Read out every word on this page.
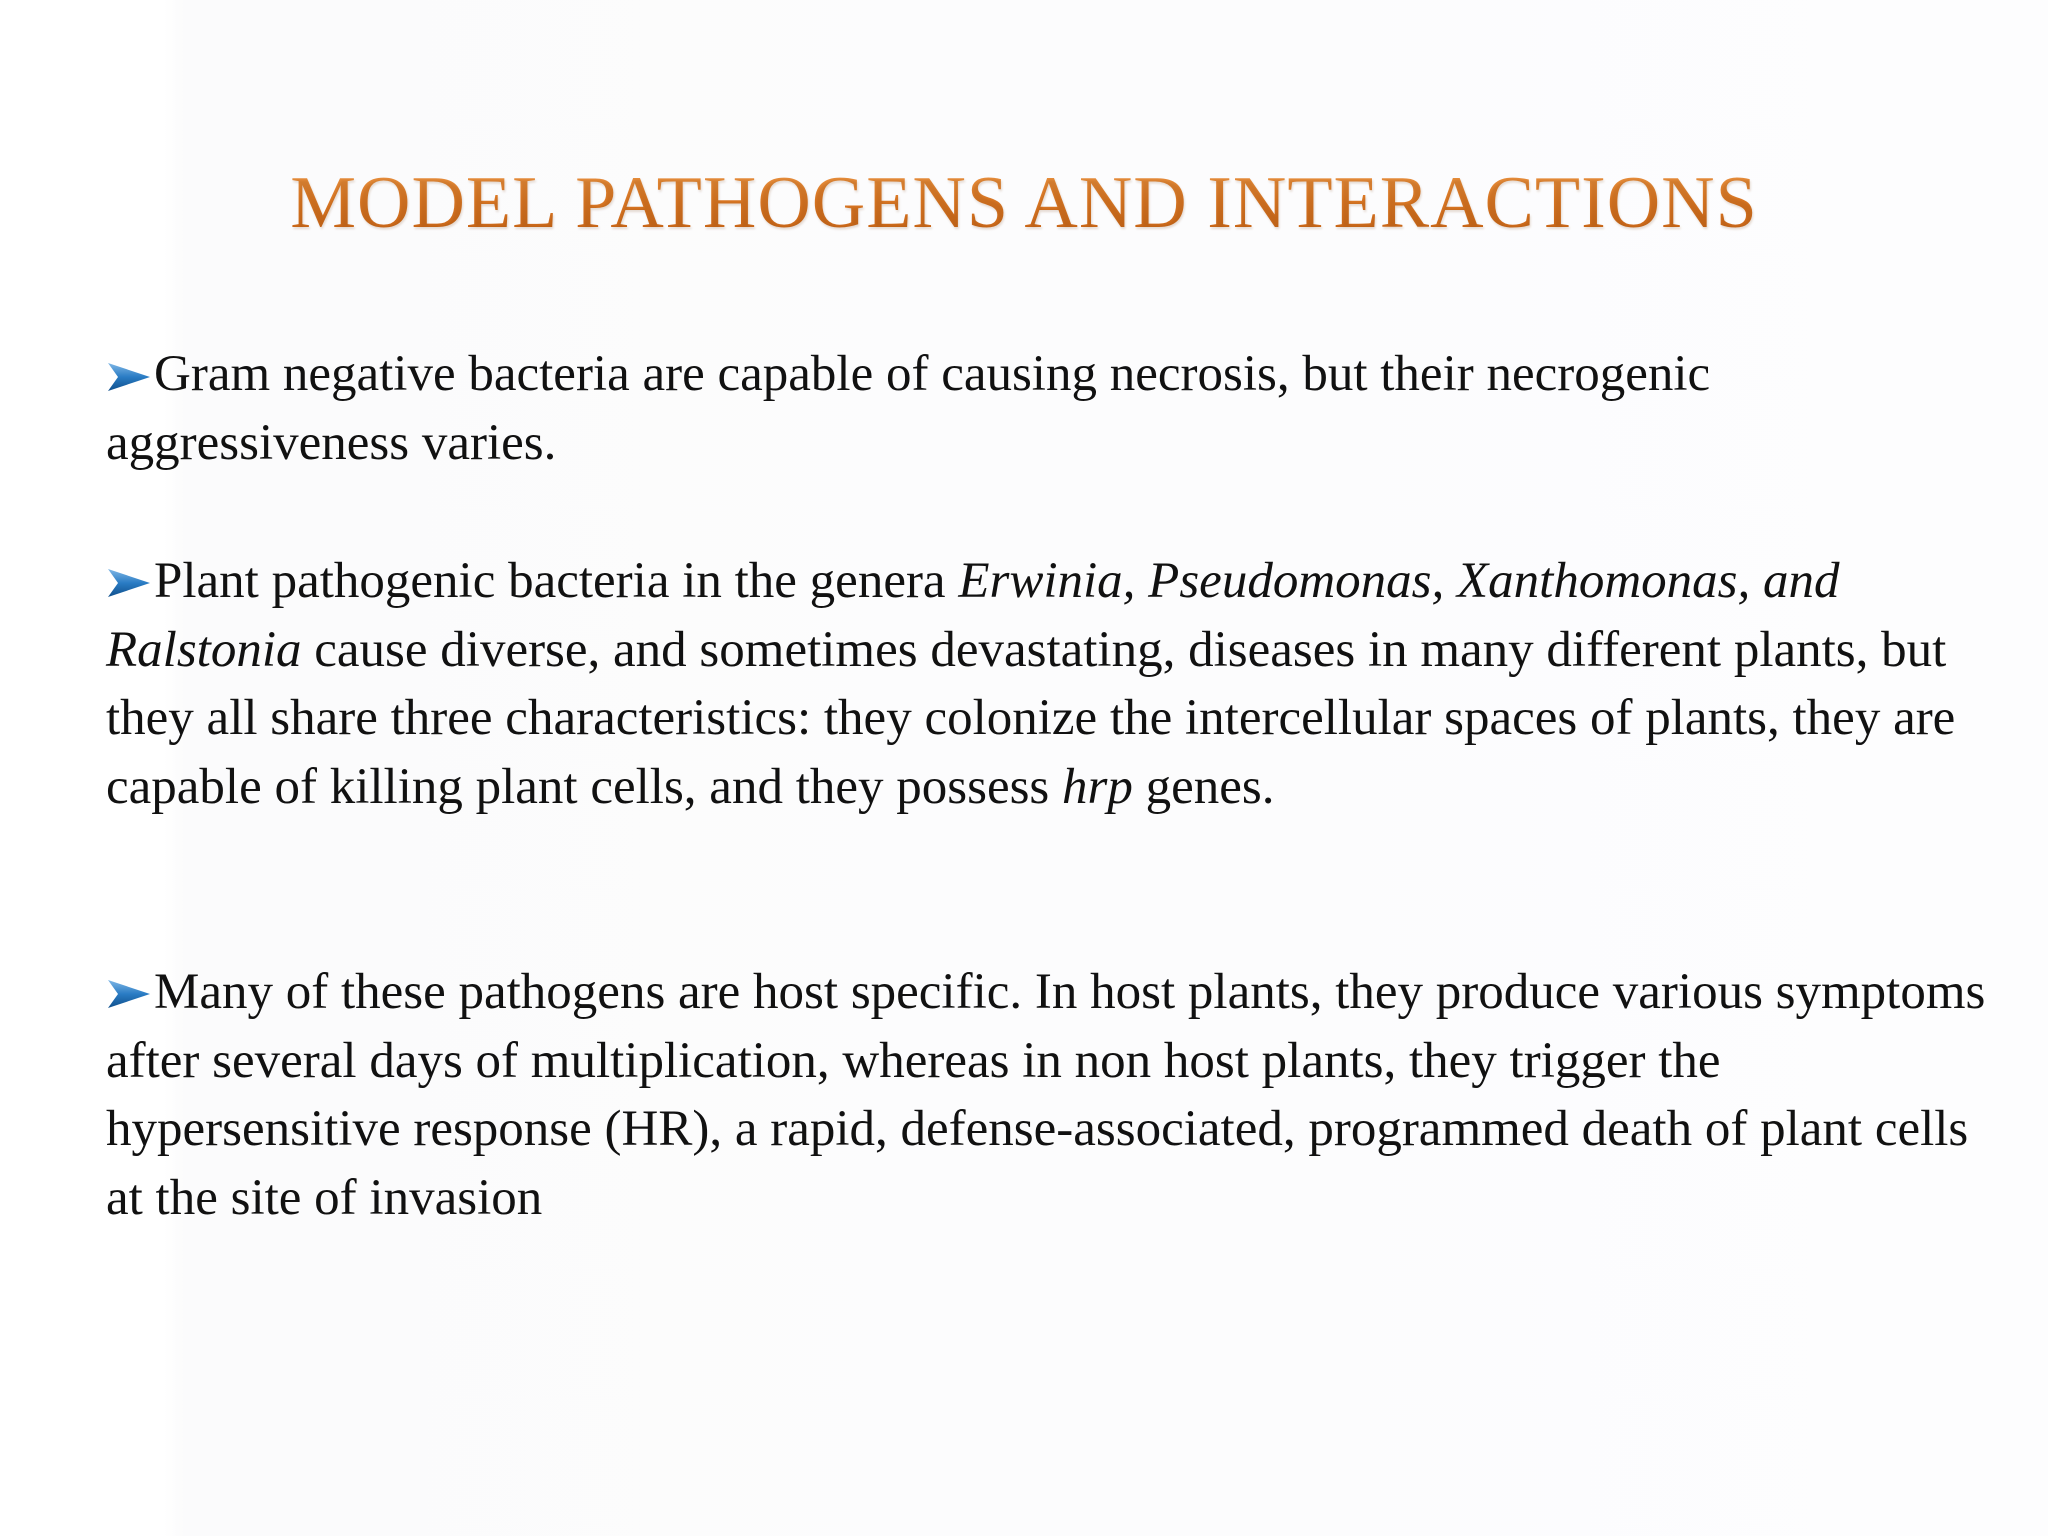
MODEL PATHOGENS AND INTERACTIONS

Gram negative bacteria are capable of causing necrosis, but their necrogenic aggressiveness varies.

Plant pathogenic bacteria in the genera Erwinia, Pseudomonas, Xanthomonas, and Ralstonia cause diverse, and sometimes devastating, diseases in many different plants, but they all share three characteristics: they colonize the intercellular spaces of plants, they are capable of killing plant cells, and they possess hrp genes.

Many of these pathogens are host specific. In host plants, they produce various symptoms after several days of multiplication, whereas in non host plants, they trigger the hypersensitive response (HR), a rapid, defense-associated, programmed death of plant cells at the site of invasion
